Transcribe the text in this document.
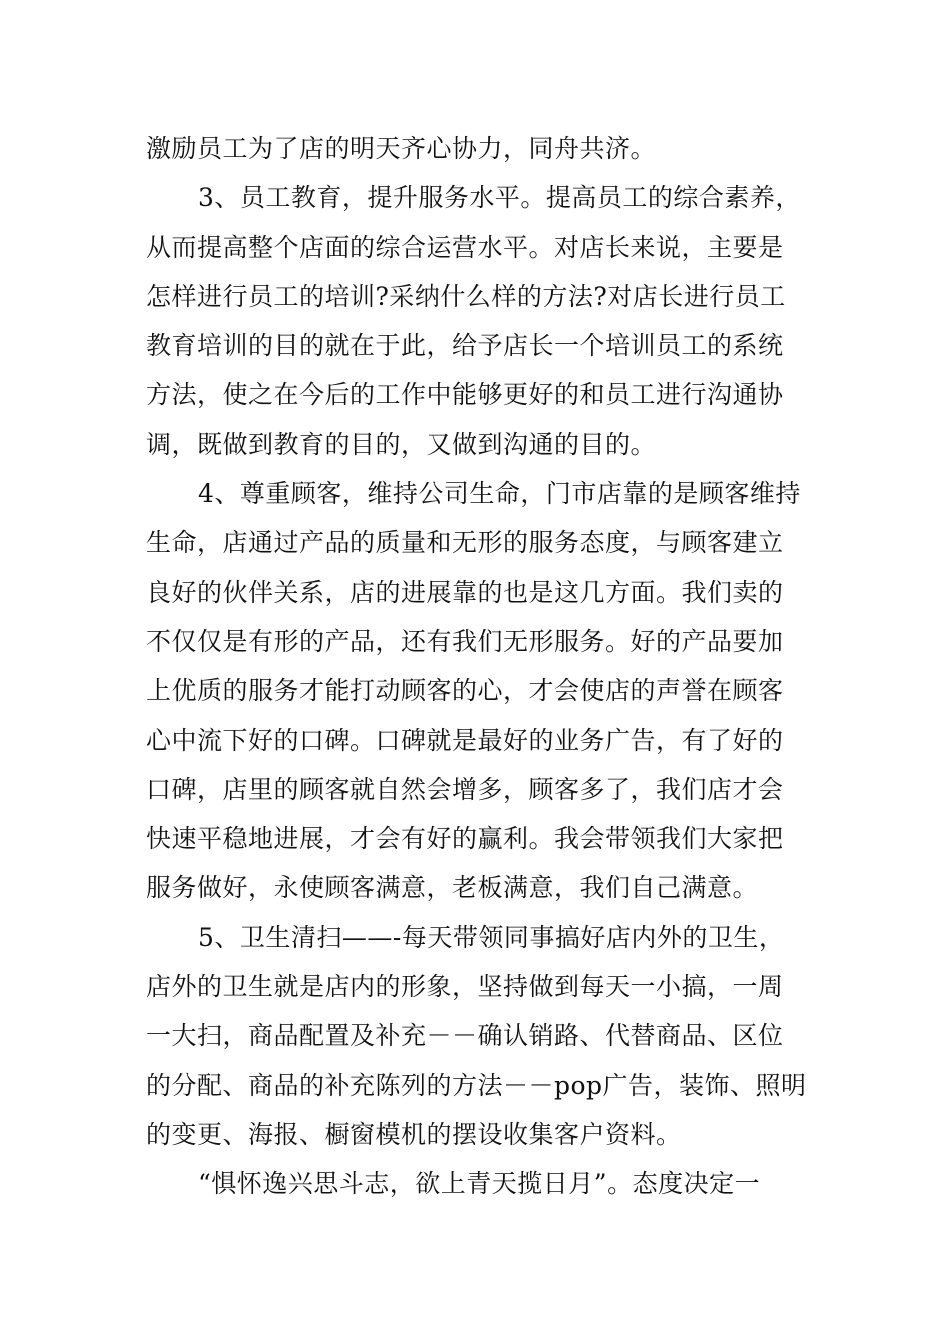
激励员工为了店的明天齐心协力，同舟共济。
3、员工教育，提升服务水平。提高员工的综合素养，
从而提高整个店面的综合运营水平。对店长来说，主要是
怎样进行员工的培训?采纳什么样的方法?对店长进行员工
教育培训的目的就在于此，给予店长一个培训员工的系统
方法，使之在今后的工作中能够更好的和员工进行沟通协
调，既做到教育的目的，又做到沟通的目的。
4、尊重顾客，维持公司生命，门市店靠的是顾客维持
生命，店通过产品的质量和无形的服务态度，与顾客建立
良好的伙伴关系，店的进展靠的也是这几方面。我们卖的
不仅仅是有形的产品，还有我们无形服务。好的产品要加
上优质的服务才能打动顾客的心，才会使店的声誉在顾客
心中流下好的口碑。口碑就是最好的业务广告，有了好的
口碑，店里的顾客就自然会增多，顾客多了，我们店才会
快速平稳地进展，才会有好的赢利。我会带领我们大家把
服务做好，永使顾客满意，老板满意，我们自己满意。
5、卫生清扫——-每天带领同事搞好店内外的卫生，
店外的卫生就是店内的形象，坚持做到每天一小搞，一周
一大扫，商品配置及补充－－确认销路、代替商品、区位
的分配、商品的补充陈列的方法－－pop广告，装饰、照明
的变更、海报、橱窗模机的摆设收集客户资料。
“惧怀逸兴思斗志，欲上青天揽日月”。态度决定一
